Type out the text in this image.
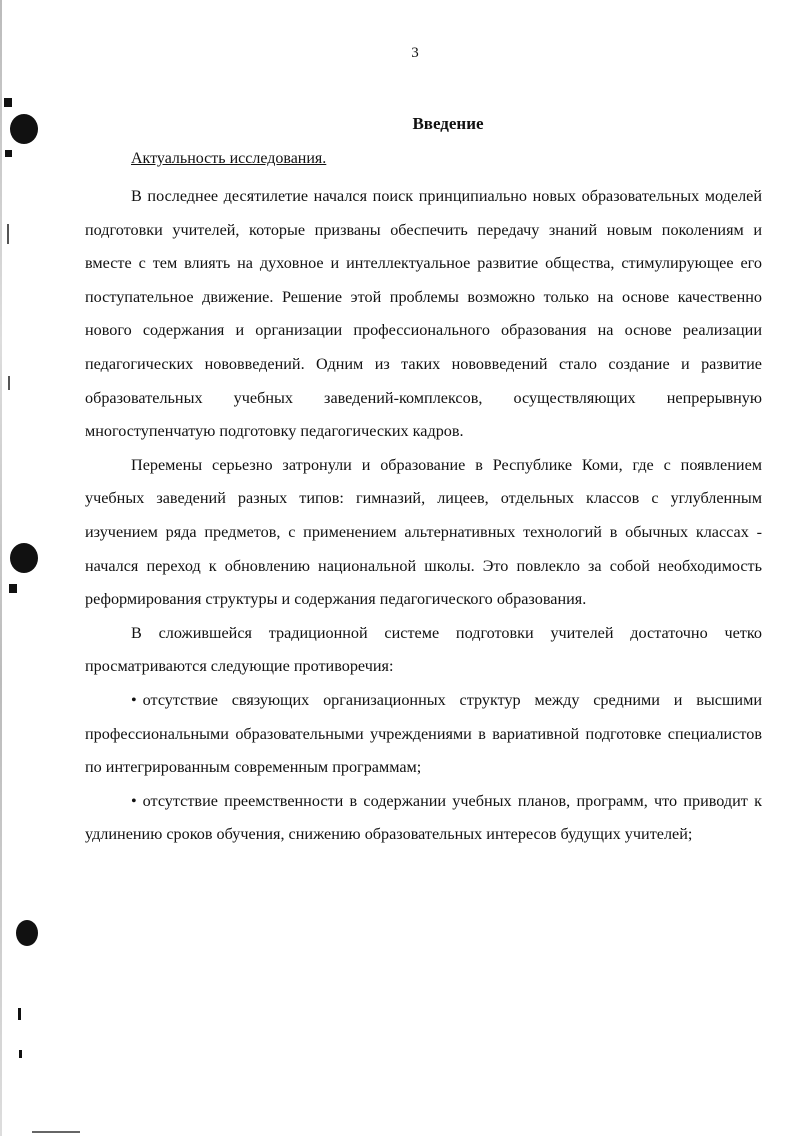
3
Введение
Актуальность исследования.

В последнее десятилетие начался поиск принципиально новых образовательных моделей подготовки учителей, которые призваны обеспечить передачу знаний новым поколениям и вместе с тем влиять на духовное и интеллектуальное развитие общества, стимулирующее его поступательное движение. Решение этой проблемы возможно только на основе качественно нового содержания и организации профессионального образования на основе реализации педагогических нововведений. Одним из таких нововведений стало создание и развитие образовательных учебных заведений-комплексов, осуществляющих непрерывную многоступенчатую подготовку педагогических кадров.

Перемены серьезно затронули и образование в Республике Коми, где с появлением учебных заведений разных типов: гимназий, лицеев, отдельных классов с углубленным изучением ряда предметов, с применением альтернативных технологий в обычных классах - начался переход к обновлению национальной школы. Это повлекло за собой необходимость реформирования структуры и содержания педагогического образования.

В сложившейся традиционной системе подготовки учителей достаточно четко просматриваются следующие противоречия:

• отсутствие связующих организационных структур между средними и высшими профессиональными образовательными учреждениями в вариативной подготовке специалистов по интегрированным современным программам;

• отсутствие преемственности в содержании учебных планов, программ, что приводит к удлинению сроков обучения, снижению образовательных интересов будущих учителей;
